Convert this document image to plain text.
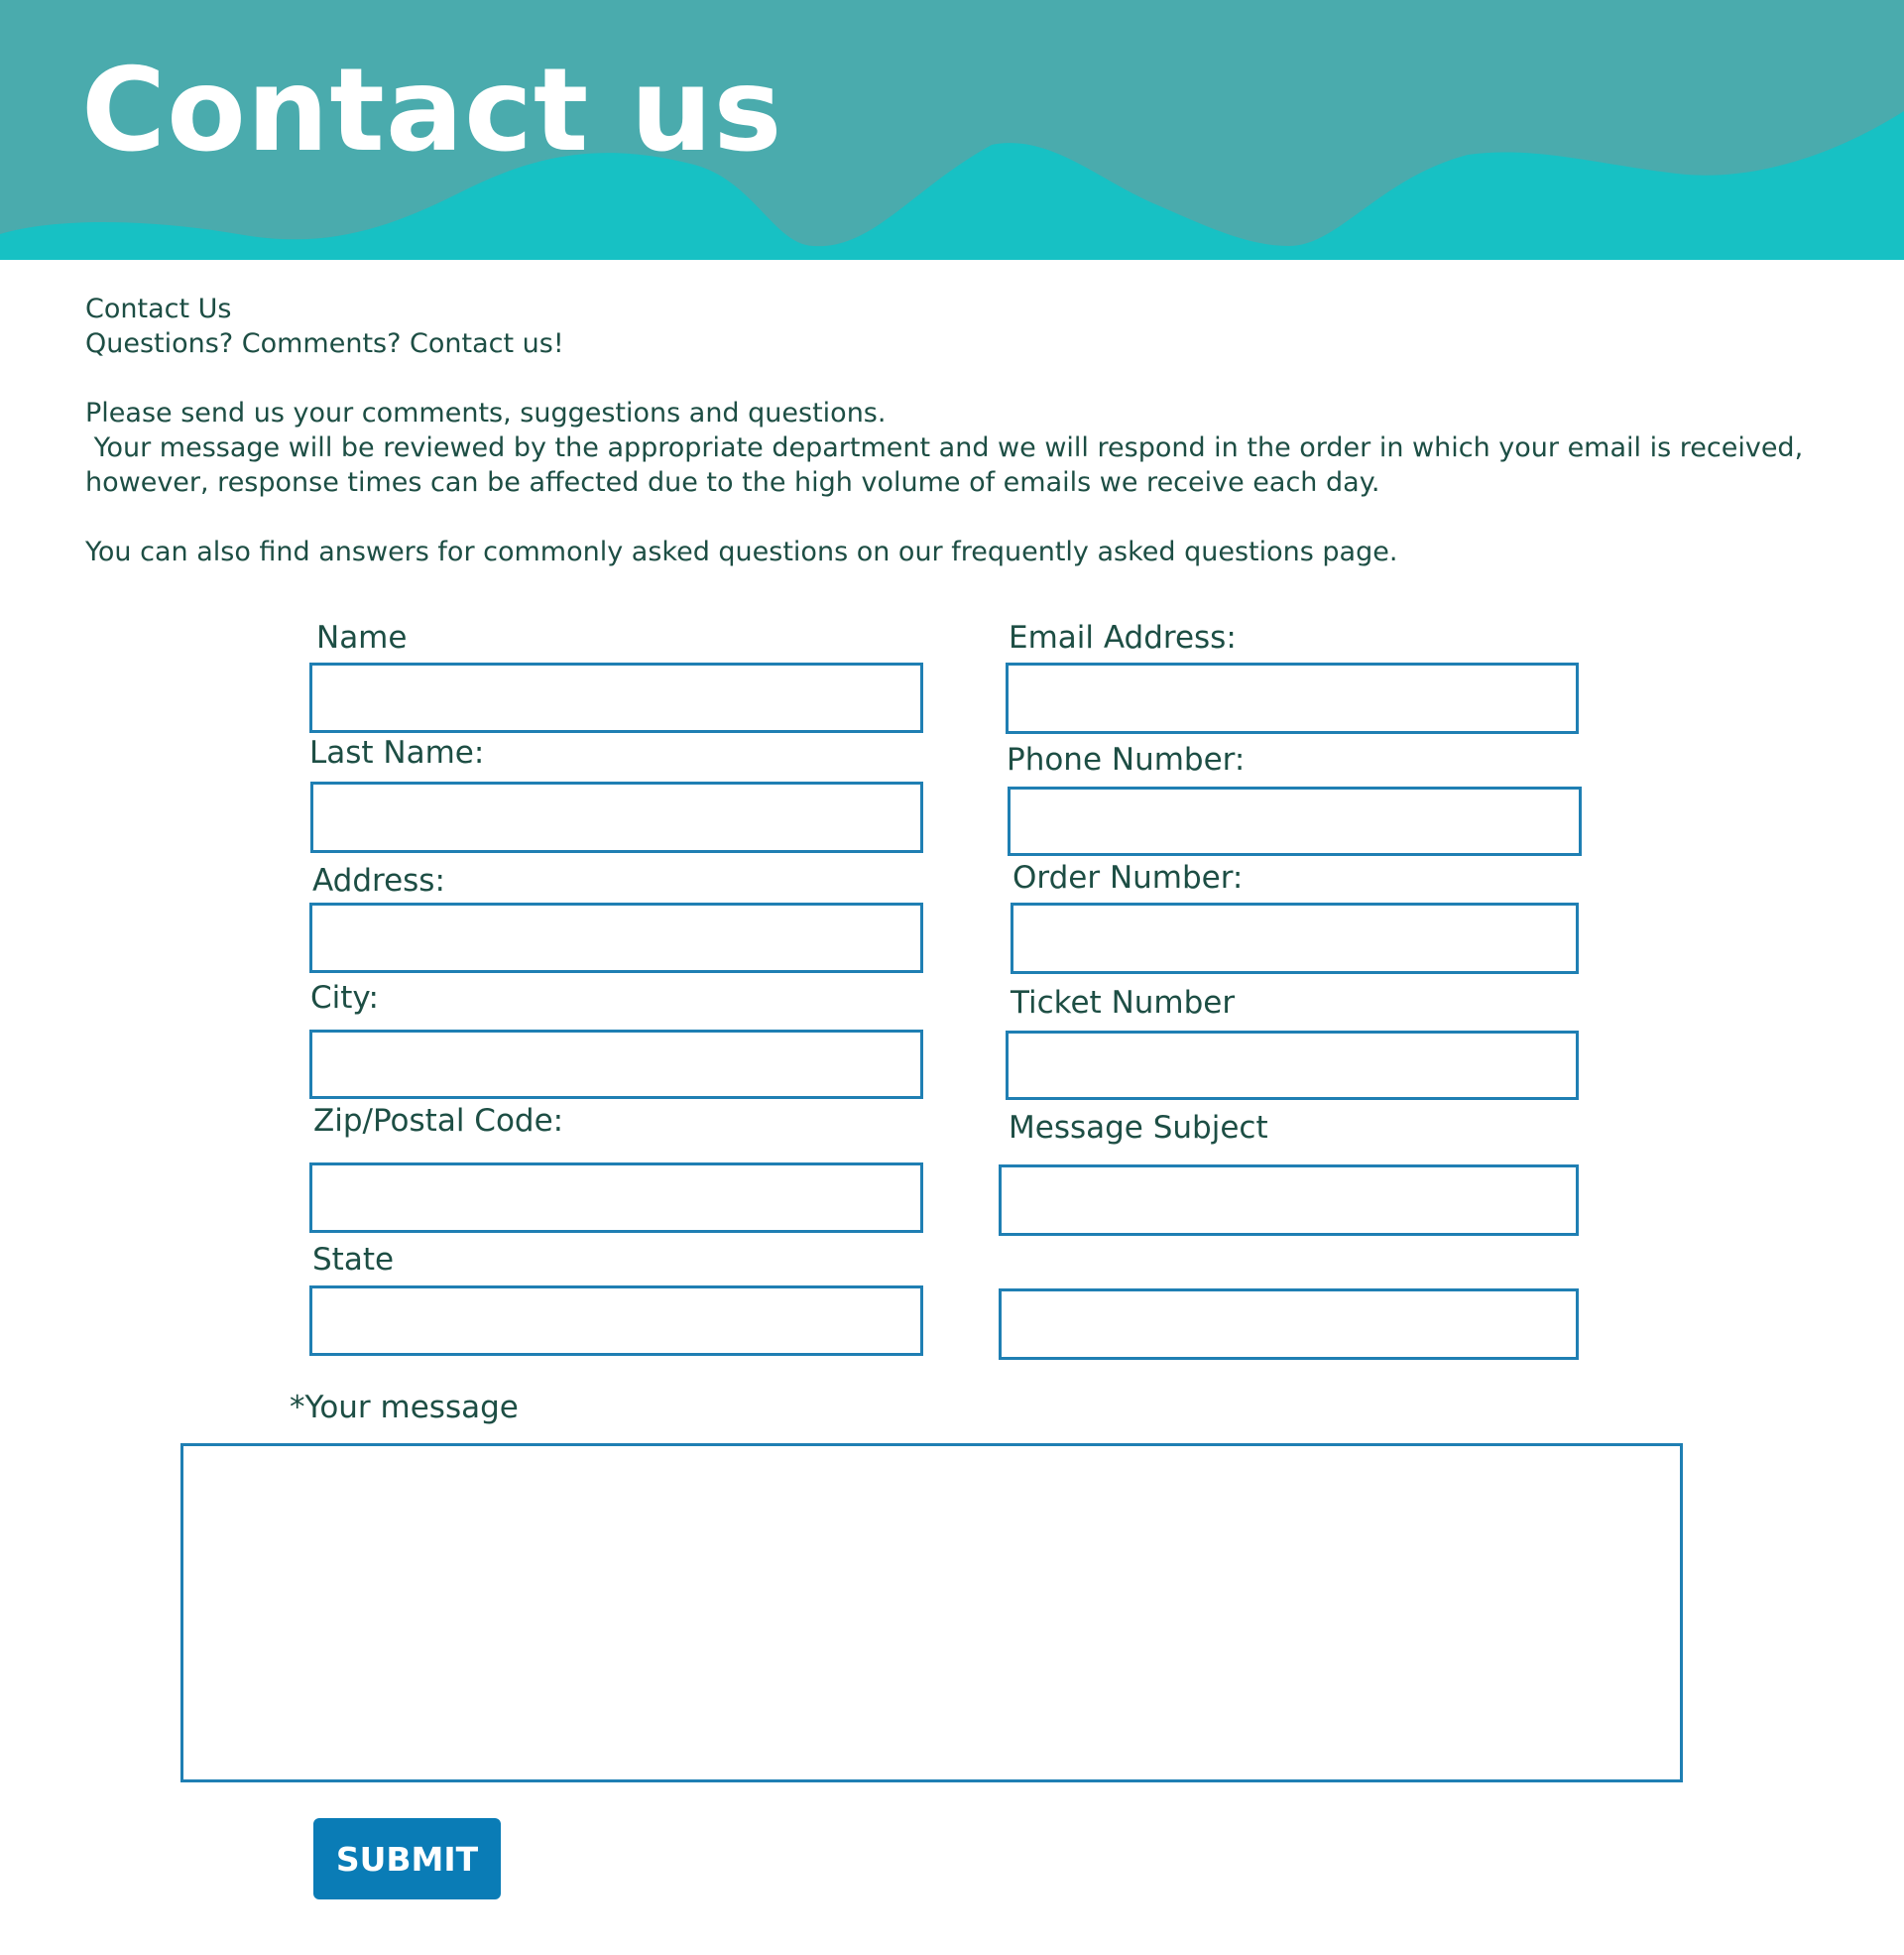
Contact us

Contact Us

Questions? Comments? Contact us!

Please send us your comments, suggestions and questions.

Your message will be reviewed by the appropriate department and we will respond in the order in which your email is received,

however, response times can be affected due to the high volume of emails we receive each day.

You can also find answers for commonly asked questions on our frequently asked questions page.

Name
Last Name:
Address:
City:
Zip/Postal Code:
State
Email Address:
Phone Number:
Order Number:
Ticket Number
Message Subject
*Your message
SUBMIT
